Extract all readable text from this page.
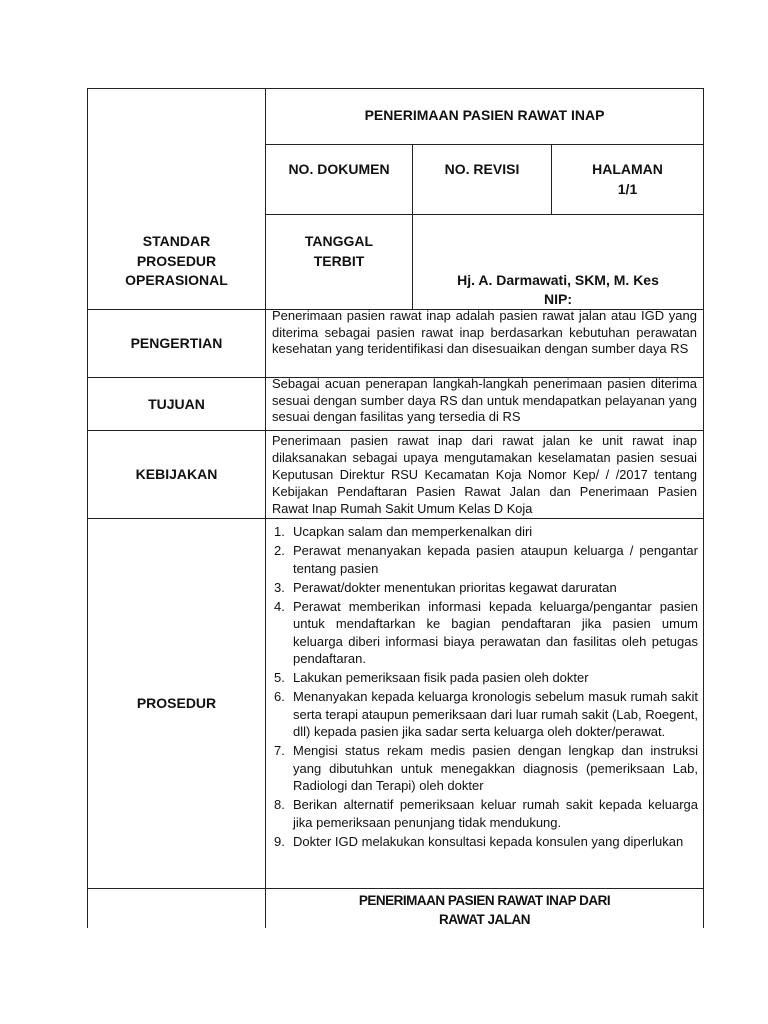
PENERIMAAN PASIEN RAWAT INAP
NO. DOKUMEN	NO. REVISI	HALAMAN
1/1
STANDAR
PROSEDUR
OPERASIONAL
TANGGAL
TERBIT
Hj. A. Darmawati, SKM, M. Kes
NIP:
PENGERTIAN
Penerimaan pasien rawat inap adalah pasien rawat jalan atau IGD yang diterima sebagai pasien rawat inap berdasarkan kebutuhan perawatan kesehatan yang teridentifikasi dan disesuaikan dengan sumber daya RS
TUJUAN
Sebagai acuan penerapan langkah-langkah penerimaan pasien diterima sesuai dengan sumber daya RS dan untuk mendapatkan pelayanan yang sesuai dengan fasilitas yang tersedia di RS
KEBIJAKAN
Penerimaan pasien rawat inap dari rawat jalan ke unit rawat inap dilaksanakan sebagai upaya mengutamakan keselamatan pasien sesuai Keputusan Direktur RSU Kecamatan Koja Nomor Kep/ / /2017 tentang Kebijakan Pendaftaran Pasien Rawat Jalan dan Penerimaan Pasien Rawat Inap Rumah Sakit Umum Kelas D Koja
PROSEDUR
1. Ucapkan salam dan memperkenalkan diri
2. Perawat menanyakan kepada pasien ataupun keluarga / pengantar tentang pasien
3. Perawat/dokter menentukan prioritas kegawat daruratan
4. Perawat memberikan informasi kepada keluarga/pengantar pasien untuk mendaftarkan ke bagian pendaftaran jika pasien umum keluarga diberi informasi biaya perawatan dan fasilitas oleh petugas pendaftaran.
5. Lakukan pemeriksaan fisik pada pasien oleh dokter
6. Menanyakan kepada keluarga kronologis sebelum masuk rumah sakit serta terapi ataupun pemeriksaan dari luar rumah sakit (Lab, Roegent, dll) kepada pasien jika sadar serta keluarga oleh dokter/perawat.
7. Mengisi status rekam medis pasien dengan lengkap dan instruksi yang dibutuhkan untuk menegakkan diagnosis (pemeriksaan Lab, Radiologi dan Terapi) oleh dokter
8. Berikan alternatif pemeriksaan keluar rumah sakit kepada keluarga jika pemeriksaan penunjang tidak mendukung.
9. Dokter IGD melakukan konsultasi kepada konsulen yang diperlukan
PENERIMAAN PASIEN RAWAT INAP DARI
RAWAT JALAN
